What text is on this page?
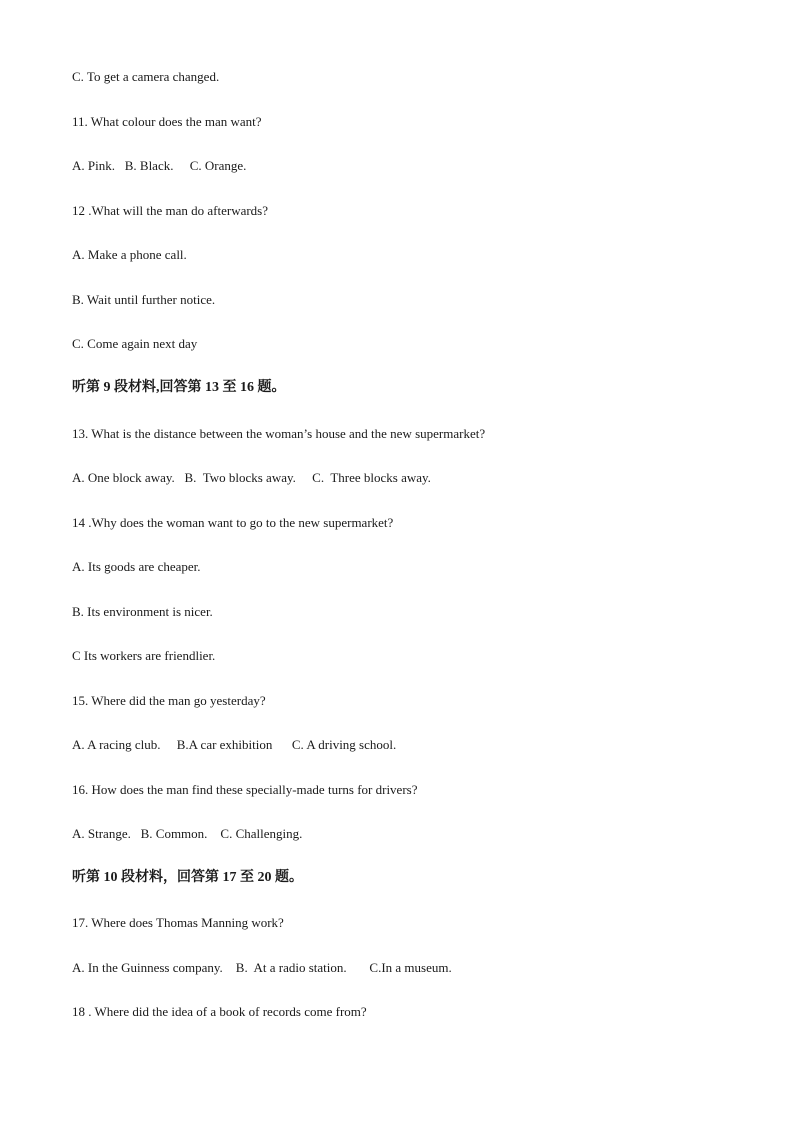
C. To get a camera changed.
11. What colour does the man want?
A. Pink.   B. Black.     C. Orange.
12 .What will the man do afterwards?
A. Make a phone call.
B. Wait until further notice.
C. Come again next day
听第 9 段材料,回答第 13 至 16 题。
13. What is the distance between the woman’s house and the new supermarket?
A. One block away.   B.  Two blocks away.     C.  Three blocks away.
14 .Why does the woman want to go to the new supermarket?
A. Its goods are cheaper.
B. Its environment is nicer.
C Its workers are friendlier.
15. Where did the man go yesterday?
A. A racing club.     B.A car exhibition      C. A driving school.
16. How does the man find these specially-made turns for drivers?
A. Strange.   B. Common.    C. Challenging.
听第 10 段材料，回答第 17 至 20 题。
17. Where does Thomas Manning work?
A. In the Guinness company.    B.  At a radio station.       C.In a museum.
18 . Where did the idea of a book of records come from?
